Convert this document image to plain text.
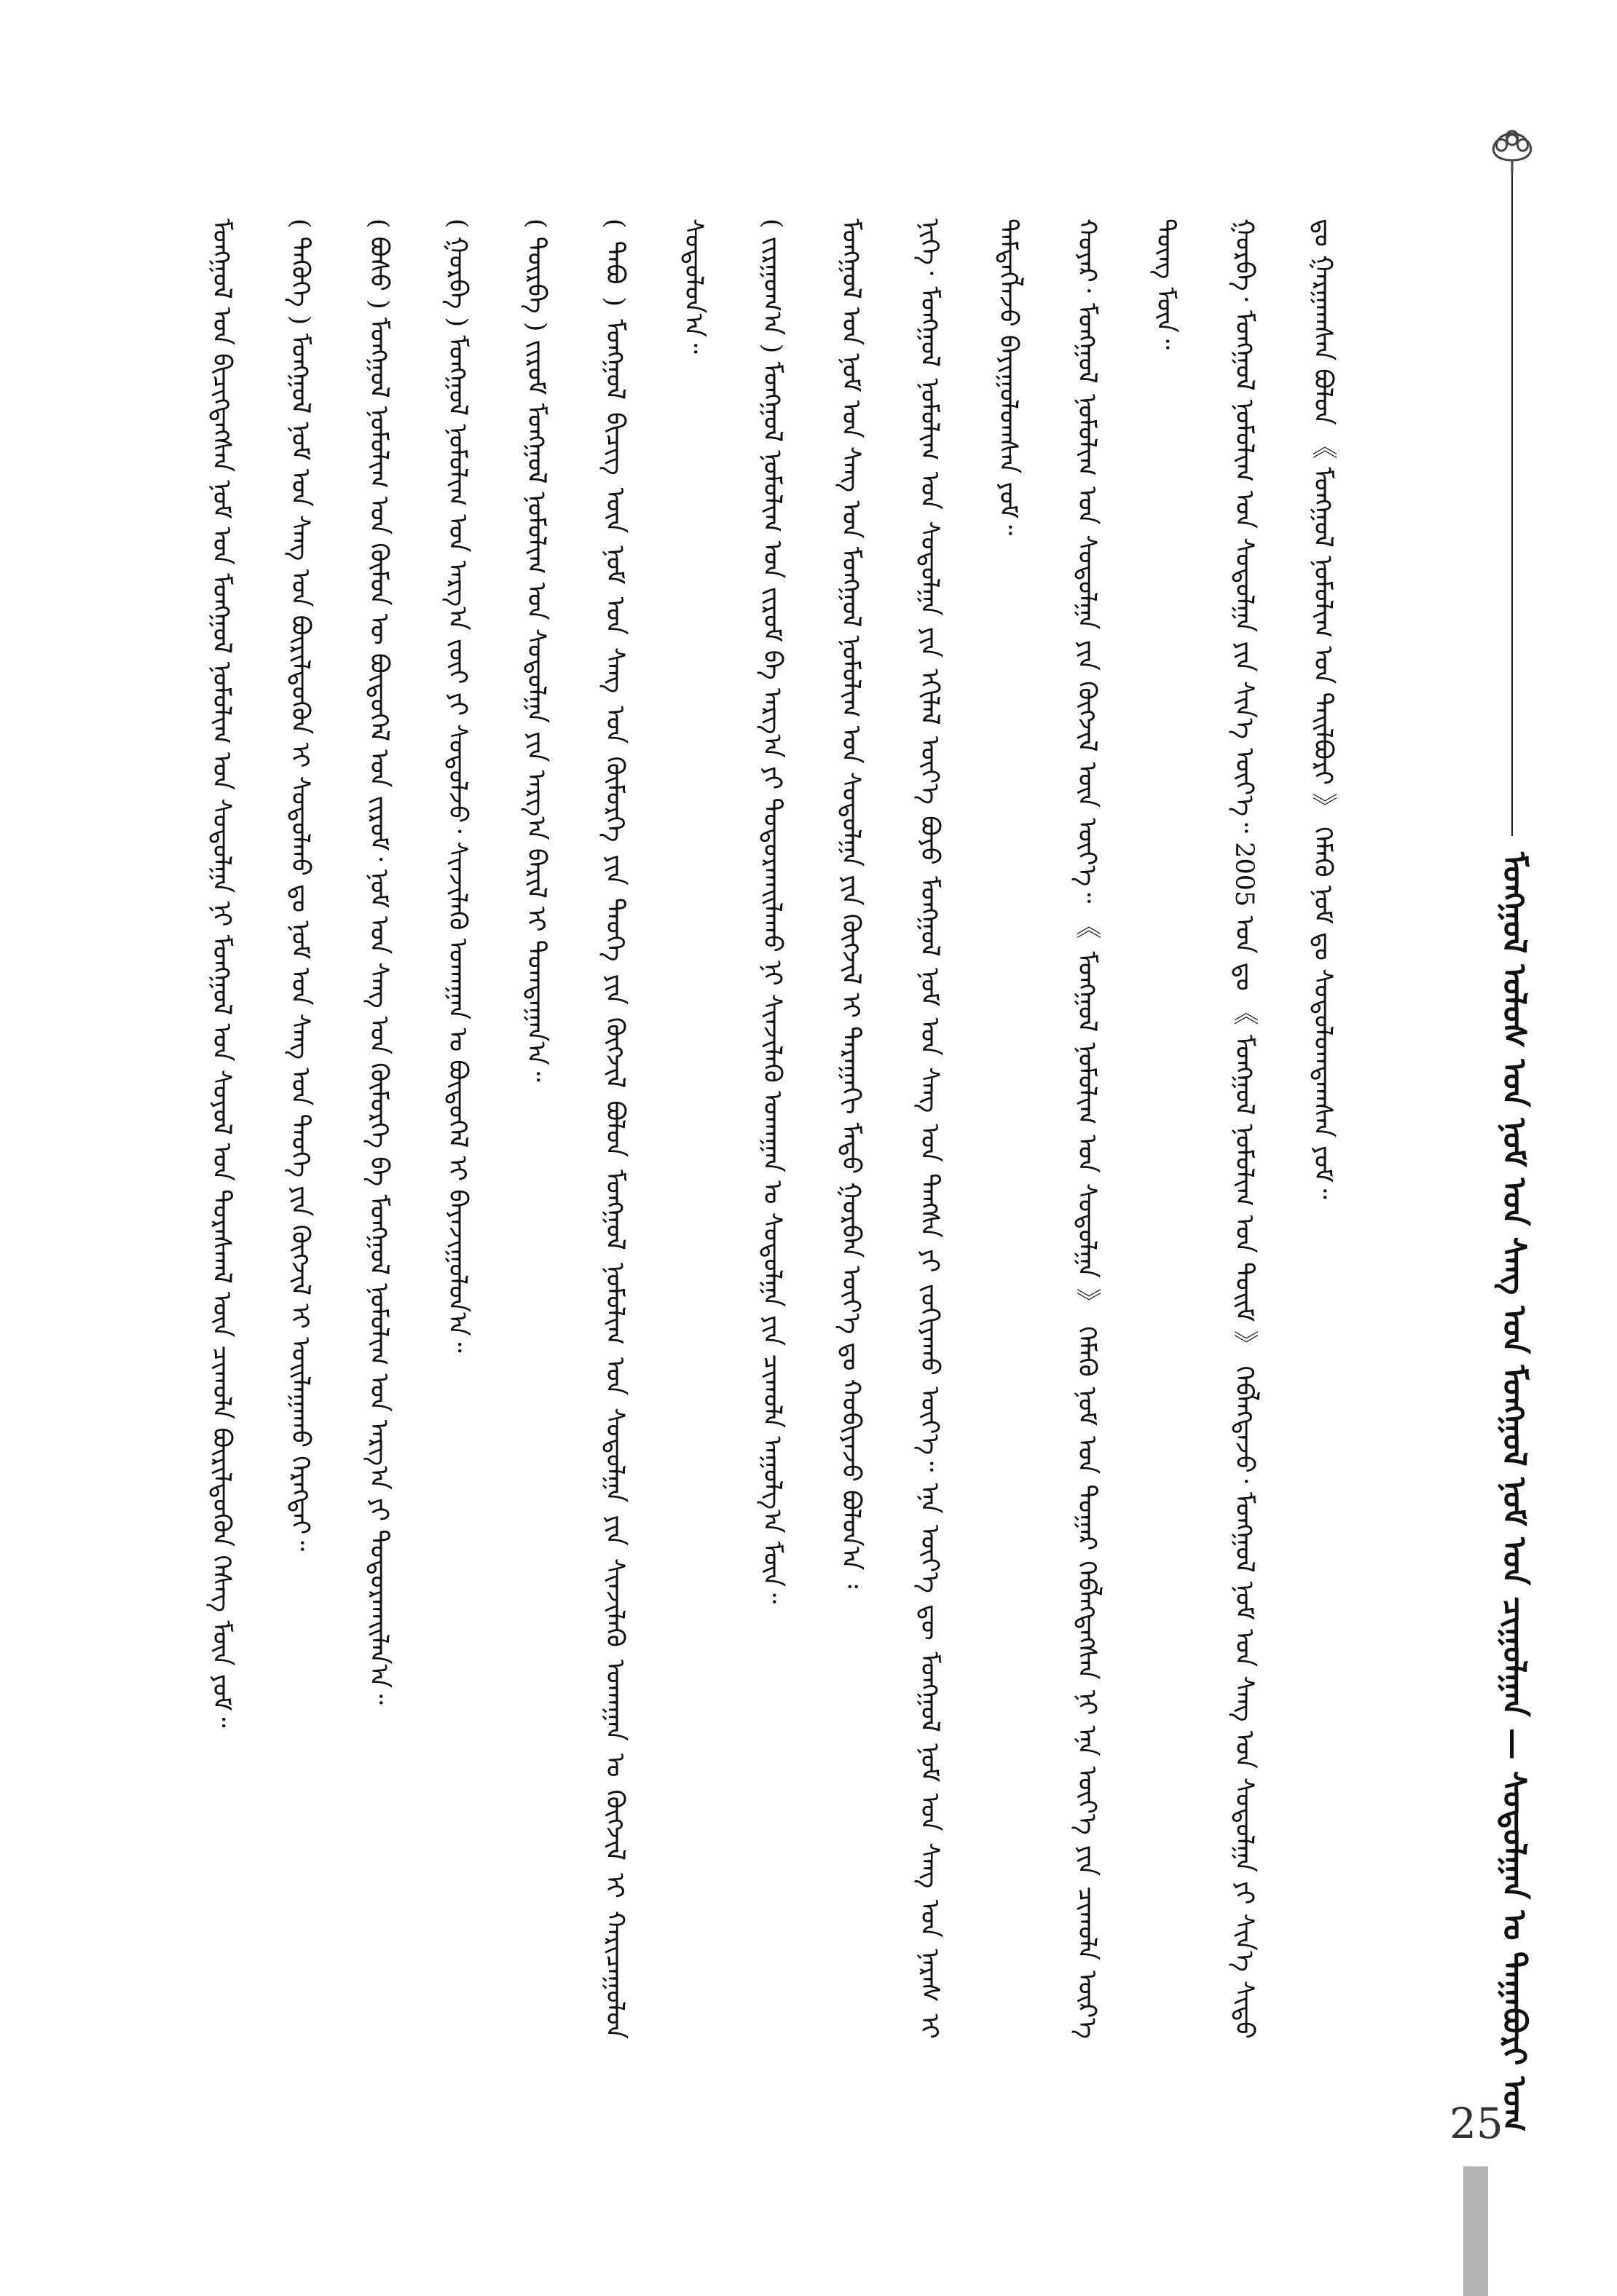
ᠮᠣᠩᠭᠣᠯ ᠤᠯᠤᠰ ᠤᠨ ᠨᠣᠮ ᠤᠨ ᠰᠠᠩ ᠤᠨ ᠮᠣᠩᠭᠣᠯ ᠨᠣᠮ ᠤᠨ ᠴᠢᠭᠤᠯᠭᠠᠨ — ᠰᠤᠳᠤᠯᠭᠠᠨ ᠤ ᠳᠠᠭᠠᠪᠤᠷᠢ ᠤᠭ

ᠮᠣᠩᠭᠣᠯ ᠤᠨ ᠪᠢᠴᠢᠭᠳᠡᠭᠰᠡᠨ ᠨᠣᠮ ᠤᠨ ᠮᠣᠩᠭᠣᠯ ᠨᠣᠮᠣᠯᠢᠭ ᠤᠨ ᠰᠤᠳᠤᠯᠭᠠ ᠨᠢ ᠮᠣᠩᠭᠣᠯ ᠤᠨ ᠰᠤᠶᠤᠯ ᠤᠨ ᠳᠤᠷᠠᠰᠬᠠᠯ ᠦᠨ ᠴᠢᠬᠤᠯᠠ ᠪᠦᠷᠢᠯᠳᠦᠬᠦᠨ ᠬᠡᠰᠡᠭ ᠮᠥᠨ ᠶᠤᠮ᠃	( ᠲᠡᠭᠦᠬᠡ ) ᠮᠣᠩᠭᠣᠯ ᠨᠣᠮ ᠤᠨ ᠰᠠᠩ ᠤᠨ ᠪᠦᠷᠢᠯᠳᠦᠬᠦᠨ ᠢ ᠰᠤᠳᠤᠯᠬᠤ ᠳᠤ ᠨᠣᠮ ᠤᠨ ᠰᠠᠩ ᠤᠨ ᠲᠡᠦᠬᠡ ᠶᠢᠨ ᠬᠥᠭᠵᠢᠯ ᠢ ᠣᠢᠯᠠᠭᠠᠬᠤ ᠬᠡᠷᠡᠭᠲᠡᠢ᠃	( ᠪᠤᠰᠤ ) ᠮᠣᠩᠭᠣᠯ ᠨᠣᠮᠣᠯᠢᠭ ᠤᠨ ᠬᠥᠮᠦᠨ ᠦ ᠪᠦᠲᠦᠭᠡᠯ ᠤᠨ ᠵᠢᠷᠤᠮ᠂ ᠨᠣᠮ ᠤᠨ ᠰᠠᠩ ᠤᠨ ᠬᠥᠮᠦᠷᠭᠡ ᠪᠠ ᠮᠣᠩᠭᠣᠯ ᠨᠣᠮᠣᠯᠢᠭ ᠤᠨ ᠠᠷᠭ᠎ᠠ ᠶᠢ ᠲᠣᠳᠣᠷᠬᠠᠢᠯᠠᠨ᠎ᠠ᠃	( ᠭᠤᠷᠪᠠ ) ᠮᠣᠩᠭᠣᠯ ᠨᠣᠮᠣᠯᠢᠭ ᠤᠨ ᠠᠷᠭ᠎ᠠ ᠵᠦᠢ ᠶᠢ ᠰᠤᠳᠤᠯᠵᠤ᠂ ᠰᠢᠨᠵᠢᠯᠡᠬᠦ ᠤᠬᠠᠭᠠᠨ ᠤ ᠪᠦᠲᠦᠭᠡᠯ ᠢ ᠪᠠᠶᠠᠵᠢᠭᠤᠯᠤᠨ᠎ᠠ᠃	( ᠳᠥᠷᠪᠡ ) ᠵᠢᠷᠤᠮ ᠮᠣᠩᠭᠣᠯ ᠨᠣᠮᠣᠯᠢᠭ ᠤᠨ ᠰᠤᠳᠤᠯᠭᠠ ᠶᠢᠨ ᠠᠷᠭ᠎ᠠ ᠪᠠᠷᠢᠯ ᠢ ᠲᠣᠭᠲᠠᠭᠠᠨ᠎ᠠ᠃	( ᠲᠠᠪᠤ ) ᠮᠣᠩᠭᠣᠯ ᠪᠢᠴᠢᠭ ᠦᠨ ᠨᠣᠮ ᠤᠨ ᠰᠠᠩ ᠤᠨ ᠬᠥᠮᠦᠷᠭᠡ ᠶᠢᠨ ᠲᠡᠦᠬᠡ ᠶᠢᠨ ᠬᠥᠭᠵᠢᠯ ᠪᠣᠯᠤᠨ ᠮᠣᠩᠭᠣᠯ ᠨᠣᠮᠣᠯᠢᠭ ᠤᠨ ᠰᠤᠳᠤᠯᠭᠠ ᠶᠢᠨ ᠰᠢᠨᠵᠢᠯᠡᠬᠦ ᠤᠬᠠᠭᠠᠨ ᠤ ᠬᠥᠭᠵᠢᠯ ᠢ ᠬᠠᠷᠢᠴᠠᠭᠤᠯᠤᠨ ᠰᠤᠳᠤᠯᠤᠨ᠎ᠠ᠃	( ᠵᠢᠷᠭᠤᠭ᠎ᠠ ) ᠮᠣᠩᠭᠣᠯ ᠨᠣᠮᠣᠯᠢᠭ ᠤᠨ ᠵᠢᠷᠤᠮ ᠪᠠ ᠠᠷᠭ᠎ᠠ ᠶᠢ ᠲᠣᠳᠣᠷᠬᠠᠢᠯᠠᠬᠤ ᠨᠢ ᠰᠢᠨᠵᠢᠯᠡᠬᠦ ᠤᠬᠠᠭᠠᠨ ᠤ ᠰᠤᠳᠤᠯᠭᠠ ᠶᠢᠨ ᠴᠢᠬᠤᠯᠠ ᠠᠭᠤᠯᠭ᠎ᠠ ᠮᠥᠨ᠃	ᠮᠣᠩᠭᠣᠯ ᠤᠨ ᠨᠣᠮ ᠤᠨ ᠰᠠᠩ ᠤᠨ ᠮᠣᠩᠭᠣᠯ ᠨᠣᠮᠣᠯᠢᠭ ᠤᠨ ᠰᠤᠳᠤᠯᠭᠠ ᠶᠢᠨ ᠬᠥᠭᠵᠢᠯ ᠢ ᠳᠠᠷᠠᠭᠠᠬᠢ ᠮᠡᠲᠦ ᠭᠤᠷᠪᠠᠨ ᠦᠶ᠎ᠡ ᠳᠤ ᠬᠤᠪᠢᠶᠠᠵᠤ ᠪᠣᠯᠤᠨ᠎ᠠ ᠄	ᠨᠢᠭᠡ᠂ ᠮᠣᠩᠭᠣᠯ ᠨᠣᠮᠣᠯᠢᠭ ᠤᠨ ᠰᠤᠳᠤᠯᠭᠠ ᠶᠢᠨ ᠡᠬᠢᠯᠡᠯ ᠦᠶ᠎ᠡ ᠪᠤᠶᠤ ᠮᠣᠩᠭᠣᠯ ᠨᠣᠮ ᠤᠨ ᠰᠠᠩ ᠤᠨ ᠳᠠᠩᠰᠠ ᠶᠢ ᠵᠣᠬᠢᠶᠠᠬᠤ ᠦᠶ᠎ᠡ᠃ ᠡᠨᠡ ᠦᠶ᠎ᠡ ᠳᠦ ᠮᠣᠩᠭᠣᠯ ᠨᠣᠮ ᠤᠨ ᠰᠠᠩ ᠤᠨ ᠨᠡᠷᠡᠰ ᠢ ᠲᠡᠮᠳᠡᠭᠯᠡᠵᠦ ᠪᠠᠶᠢᠭᠤᠯᠤᠭᠰᠠᠨ ᠶᠤᠮ᠃	ᠬᠣᠶᠠᠷ᠂ ᠮᠣᠩᠭᠣᠯ ᠨᠣᠮᠣᠯᠢᠭ ᠤᠨ ᠰᠤᠳᠤᠯᠭᠠ ᠶᠢᠨ ᠬᠥᠭᠵᠢᠯ ᠦᠨ ᠦᠶ᠎ᠡ᠃ 《 ᠮᠣᠩᠭᠣᠯ ᠨᠣᠮᠣᠯᠢᠭ ᠤᠨ ᠰᠤᠳᠤᠯᠭᠠ 》 ᠬᠡᠮᠡᠬᠦ ᠨᠣᠮ ᠤᠨ ᠳᠤᠭᠠᠷ ᠬᠡᠪᠯᠡᠭᠳᠡᠭᠰᠡᠨ ᠨᠢ ᠡᠨᠡ ᠦᠶ᠎ᠡ ᠶᠢᠨ ᠴᠢᠬᠤᠯᠠ ᠦᠷ᠎ᠡ ᠳᠦᠩ ᠮᠥᠨ᠃	ᠭᠤᠷᠪᠠ᠂ ᠮᠣᠩᠭᠣᠯ ᠨᠣᠮᠣᠯᠢᠭ ᠤᠨ ᠰᠤᠳᠤᠯᠭᠠ ᠶᠢᠨ ᠰᠢᠨ᠎ᠡ ᠦᠶ᠎ᠡ᠃ 2005 ᠣᠨ ᠳᠤ 《 ᠮᠣᠩᠭᠣᠯ ᠨᠣᠮᠣᠯᠢᠭ ᠤᠨ ᠲᠣᠢᠮ 》 ᠬᠡᠪᠯᠡᠭᠳᠡᠵᠦ᠂ ᠮᠣᠩᠭᠣᠯ ᠨᠣᠮ ᠤᠨ ᠰᠠᠩ ᠤᠨ ᠰᠤᠳᠤᠯᠭᠠ ᠶᠢ ᠰᠢᠨ᠎ᠡ ᠰᠢᠲᠤ ᠳᠤ ᠭᠠᠷᠭᠠᠭᠰᠠᠨ ᠪᠤᠯᠤᠨ 《 ᠮᠣᠩᠭᠣᠯ ᠨᠣᠮᠣᠯᠢᠭ ᠤᠨ ᠲᠠᠢᠯᠪᠤᠷᠢ 》 ᠬᠡᠮᠡᠬᠦ ᠨᠣᠮ ᠳᠤ ᠰᠤᠳᠤᠯᠤᠭᠳᠠᠭᠰᠠᠨ ᠶᠤᠮ᠃

25
